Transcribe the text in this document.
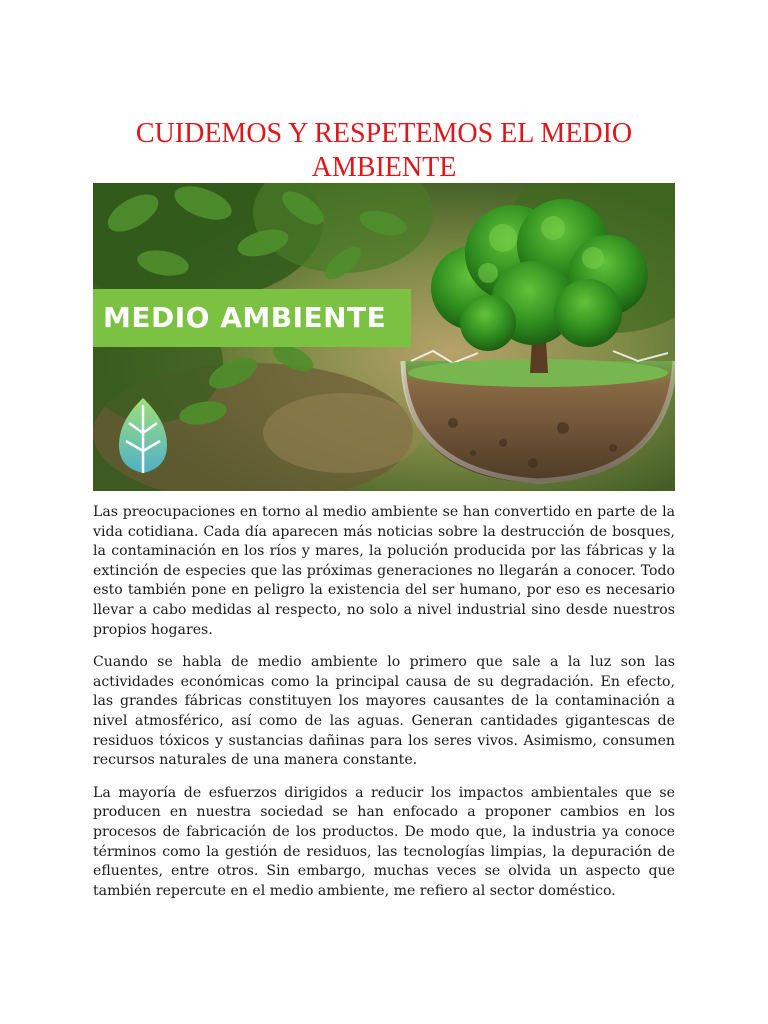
CUIDEMOS Y RESPETEMOS EL MEDIO AMBIENTE
MEDIO AMBIENTE

Las preocupaciones en torno al medio ambiente se han convertido en parte de la vida cotidiana. Cada día aparecen más noticias sobre la destrucción de bosques, la contaminación en los ríos y mares, la polución producida por las fábricas y la extinción de especies que las próximas generaciones no llegarán a conocer. Todo esto también pone en peligro la existencia del ser humano, por eso es necesario llevar a cabo medidas al respecto, no solo a nivel industrial sino desde nuestros propios hogares.

Cuando se habla de medio ambiente lo primero que sale a la luz son las actividades económicas como la principal causa de su degradación. En efecto, las grandes fábricas constituyen los mayores causantes de la contaminación a nivel atmosférico, así como de las aguas. Generan cantidades gigantescas de residuos tóxicos y sustancias dañinas para los seres vivos. Asimismo, consumen recursos naturales de una manera constante.

La mayoría de esfuerzos dirigidos a reducir los impactos ambientales que se producen en nuestra sociedad se han enfocado a proponer cambios en los procesos de fabricación de los productos. De modo que, la industria ya conoce términos como la gestión de residuos, las tecnologías limpias, la depuración de efluentes, entre otros. Sin embargo, muchas veces se olvida un aspecto que también repercute en el medio ambiente, me refiero al sector doméstico.
